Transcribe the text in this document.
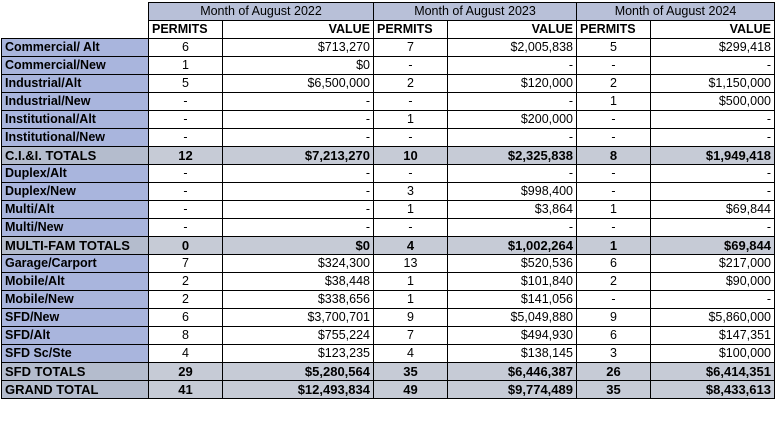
	Month of August 2022		Month of August 2023		Month of August 2024	
	PERMITS	VALUE	PERMITS	VALUE	PERMITS	VALUE
Commercial/ Alt	6	$713,270	7	$2,005,838	5	$299,418
Commercial/New	1	$0	-	-	-	-
Industrial/Alt	5	$6,500,000	2	$120,000	2	$1,150,000
Industrial/New	-	-	-	-	1	$500,000
Institutional/Alt	-	-	1	$200,000	-	-
Institutional/New	-	-	-	-	-	-
C.I.&I. TOTALS	12	$7,213,270	10	$2,325,838	8	$1,949,418
Duplex/Alt	-	-	-	-	-	-
Duplex/New	-	-	3	$998,400	-	-
Multi/Alt	-	-	1	$3,864	1	$69,844
Multi/New	-	-	-	-	-	-
MULTI-FAM TOTALS	0	$0	4	$1,002,264	1	$69,844
Garage/Carport	7	$324,300	13	$520,536	6	$217,000
Mobile/Alt	2	$38,448	1	$101,840	2	$90,000
Mobile/New	2	$338,656	1	$141,056	-	-
SFD/New	6	$3,700,701	9	$5,049,880	9	$5,860,000
SFD/Alt	8	$755,224	7	$494,930	6	$147,351
SFD Sc/Ste	4	$123,235	4	$138,145	3	$100,000
SFD TOTALS	29	$5,280,564	35	$6,446,387	26	$6,414,351
GRAND TOTAL	41	$12,493,834	49	$9,774,489	35	$8,433,613
